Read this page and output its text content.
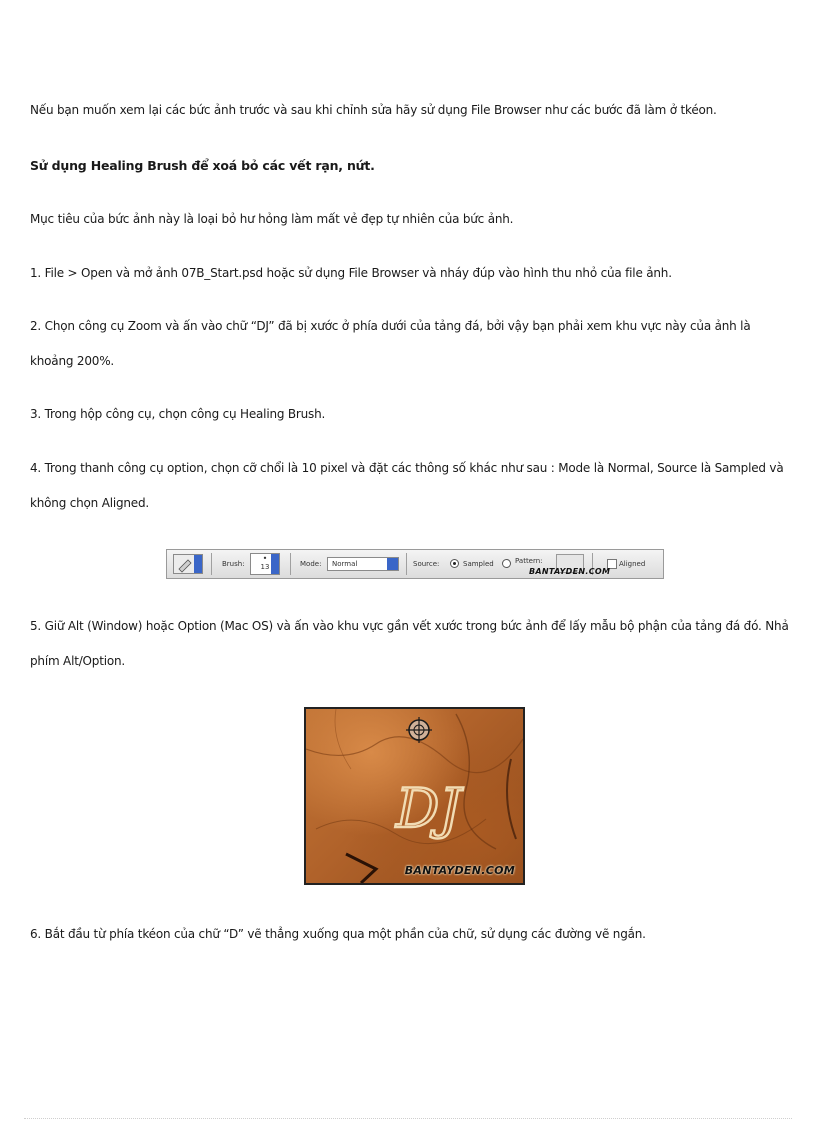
Nếu bạn muốn xem lại các bức ảnh trước và sau khi chỉnh sửa hãy sử dụng File Browser như các bước đã làm ở tkéon.

Sử dụng Healing Brush để xoá bỏ các vết rạn, nứt.

Mục tiêu của bức ảnh này là loại bỏ hư hỏng làm mất vẻ đẹp tự nhiên của bức ảnh.

1. File > Open và mở ảnh 07B_Start.psd hoặc sử dụng File Browser và nháy đúp vào hình thu nhỏ của file ảnh.

2. Chọn công cụ Zoom và ấn vào chữ “DJ” đã bị xước ở phía dưới của tảng đá, bởi vậy bạn phải xem khu vực này của ảnh là khoảng 200%.

3. Trong hộp công cụ, chọn công cụ Healing Brush.

4. Trong thanh công cụ option, chọn cỡ chổi là 10 pixel và đặt các thông số khác như sau : Mode là Normal, Source là Sampled và không chọn Aligned.

Brush:
•
13	Mode:	Normal	Source:	Sampled	Pattern:	Aligned
BANTAYDEN.COM

5. Giữ Alt (Window) hoặc Option (Mac OS) và ấn vào khu vực gần vết xước trong bức ảnh để lấy mẫu bộ phận của tảng đá đó. Nhả phím Alt/Option.

DJ
BANTAYDEN.COM

6. Bắt đầu từ phía tkéon của chữ “D” vẽ thẳng xuống qua một phần của chữ, sử dụng các đường vẽ ngắn.
